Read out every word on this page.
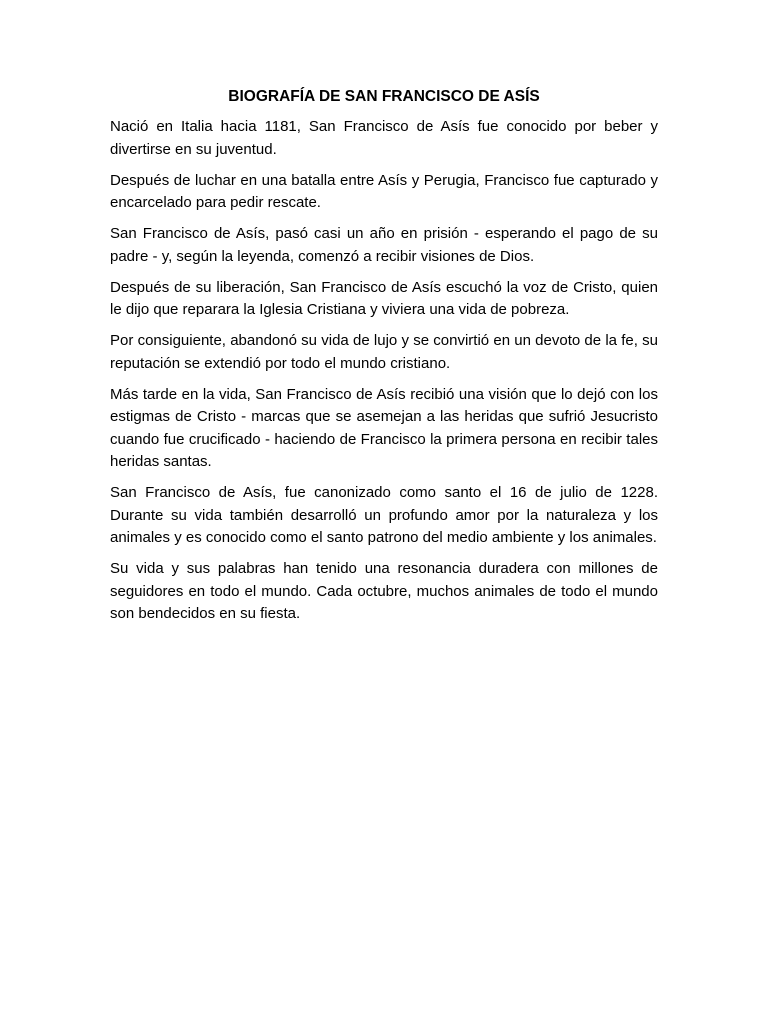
BIOGRAFÍA DE SAN FRANCISCO DE ASÍS

Nació en Italia hacia 1181, San Francisco de Asís fue conocido por beber y divertirse en su juventud.

Después de luchar en una batalla entre Asís y Perugia, Francisco fue capturado y encarcelado para pedir rescate.

San Francisco de Asís, pasó casi un año en prisión - esperando el pago de su padre - y, según la leyenda, comenzó a recibir visiones de Dios.

Después de su liberación, San Francisco de Asís escuchó la voz de Cristo, quien le dijo que reparara la Iglesia Cristiana y viviera una vida de pobreza.

Por consiguiente, abandonó su vida de lujo y se convirtió en un devoto de la fe, su reputación se extendió por todo el mundo cristiano.

Más tarde en la vida, San Francisco de Asís recibió una visión que lo dejó con los estigmas de Cristo - marcas que se asemejan a las heridas que sufrió Jesucristo cuando fue crucificado - haciendo de Francisco la primera persona en recibir tales heridas santas.

San Francisco de Asís, fue canonizado como santo el 16 de julio de 1228. Durante su vida también desarrolló un profundo amor por la naturaleza y los animales y es conocido como el santo patrono del medio ambiente y los animales.

Su vida y sus palabras han tenido una resonancia duradera con millones de seguidores en todo el mundo. Cada octubre, muchos animales de todo el mundo son bendecidos en su fiesta.
